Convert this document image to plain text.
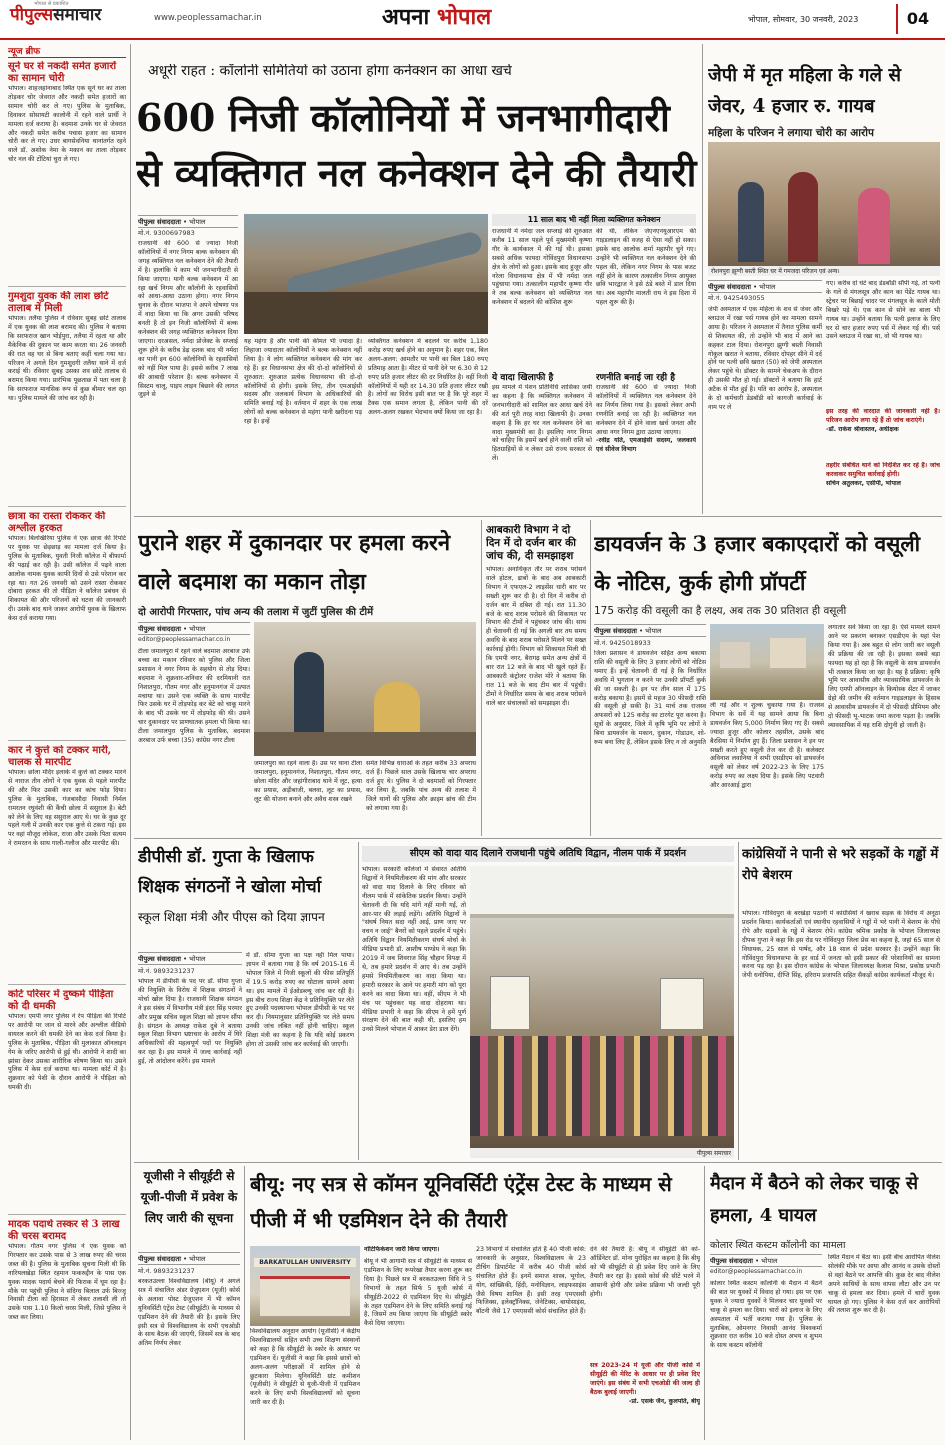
पीपुल्ससमाचार
भोपाल से प्रकाशित
www.peoplessamachar.in	अपना भोपाल	भोपाल, सोमवार, 30 जनवरी, 2023	04
न्यूज ब्रीफ
सूने घर से नकदी समेत हजारों का सामान चोरी
भोपाल। शाहजहांनाबाद स्थित एक सूने घर का ताला तोड़कर चोर जेवरात और नकदी समेत हजारों का सामान चोरी कर ले गए। पुलिस के मुताबिक, दिवाकर सोसायटी कालोनी में रहने वाले प्रार्थी ने मामला दर्ज कराया है। बदमाश उनके घर से जेवरात और नकदी समेत करीब पचास हजार का सामान चोरी कर ले गए। उधर बागसेवनिया थानांतर्गत रहने वाले डॉ. अशोक नेमा के मकान का ताला तोड़कर चोर नल की टोंटियां चुरा ले गए।
गुमशुदा युवक की लाश छोटे तालाब में मिली
भोपाल। तलैया पुलिस ने रविवार सुबह छोटे तालाब में एक युवक की लाश बरामद की। पुलिस ने बताया कि सरफराज खान भोईपुरा, तलैया में रहता था और मैकेनिक की दुकान पर काम करता था। 26 जनवरी की रात वह घर से बिना बताए कहीं चला गया था। परिजन ने अगले दिन गुमशुदगी तलैया थाने में दर्ज कराई थी। रविवार सुबह उसका शव छोटे तालाब से बरामद किया गया। प्रारंभिक पूछताछ में पता चला है कि सरफराज मानसिक रूप से कुछ बीमार चल रहा था। पुलिस मामले की जांच कर रही है।
छात्रा का रास्ता रोककर की अश्लील हरकत
भोपाल। बिलखिरिया पुलिस ने एक छात्रा की रिपोर्ट पर युवक पर छेड़छाड़ का मामला दर्ज किया है। पुलिस के मुताबिक, युवती निजी कॉलेज में बीफार्मा की पढ़ाई कर रही है। उसी कॉलेज में पढ़ने वाला आलोक नामक युवक काफी दिनों से उसे परेशान कर रहा था। गत 26 जनवरी को उसने रास्ता रोककर दोबारा हरकत की तो पीड़िता ने कॉलेज प्रबंधन से शिकायत की और परिजनों को घटना की जानकारी दी। उसके बाद थाने जाकर आरोपी युवक के खिलाफ केस दर्ज कराया गया।
कार ने कुत्ते को टक्कर मारी, चालक से मारपीट
भोपाल। छोला मंदिर इलाके में कुत्ते को टक्कर मारने से नाराज तीन लोगों ने एक युवक से पहले मारपीट की और फिर उसकी कार का कांच फोड़ दिया। पुलिस के मुताबिक, गंजबासौदा निवासी निर्मल रामरतन रघुवंशी की कैंची छोला में ससुराल है। बेटी को लेने के लिए वह ससुराल आए थे। घर के कुछ दूर पहले गली में उनकी कार एक कुत्ते से टकरा गई। इस पर वहां मौजूद लोकेश, राजा और उसके पिता सत्यम ने रामरतन के साथ गाली-गलौज और मारपीट की।
कोर्ट परिसर में दुष्कर्म पीड़िता को दी धमकी
भोपाल। एमपी नगर पुलिस ने रेप पीड़िता की रिपोर्ट पर आरोपी पर जान से मारने और अश्लील वीडियो वायरल करने की धमकी देने का केस दर्ज किया है। पुलिस के मुताबिक, पीड़िता की मुलाकात ऑनलाइन गेम के जरिए आरोपी से हुई थी। आरोपी ने शादी का झांसा देकर उसका शारीरिक शोषण किया था। उसने पुलिस में केस दर्ज कराया था। मामला कोर्ट में है। शुक्रवार को पेशी के दौरान आरोपी ने पीड़िता को धमकी दी।
मादक पदार्थ तस्कर से 3 लाख की चरस बरामद
भोपाल। गौतम नगर पुलिस ने एक युवक को गिरफ्तार कर उसके पास से 3 लाख रुपए की चरस जब्त की है। पुलिस के मुताबिक सूचना मिली थी कि नारियलखेड़ा स्थित रहमान फकरुद्दीन के पास एक युवक मादक पदार्थ बेचने की फिराक में घूम रहा है। मौके पर पहुंची पुलिस ने संदिग्ध बिलाल उर्फ बिज्जू निवासी टीला को हिरासत में लेकर तलाशी ली तो उसके पास 1.10 किलो चरस मिली, जिसे पुलिस ने जब्त कर लिया।
अधूरी राहत : कॉलोनी समितियों को उठाना होगा कनेक्शन का आधा खर्च
600 निजी कॉलोनियों में जनभागीदारी से व्यक्तिगत नल कनेक्शन देने की तैयारी
पीपुल्स संवाददाता • भोपाल
मो.नं. 9300697983
राजधानी की 600 से ज्यादा निजी कॉलोनियों में नगर निगम बल्क कनेक्शन की जगह व्यक्तिगत नल कनेक्शन देने की तैयारी में है। हालांकि ये काम भी जनभागीदारी से किया जाएगा। यानी बल्क कनेक्शन में आ रहा खर्च निगम और कॉलोनी के रहवासियों को आधा-आधा उठाना होगा। नगर निगम चुनाव के दौरान भाजपा ने अपने घोषणा पत्र में वादा किया था कि अगर उसकी परिषद बनती है तो इन निजी कॉलोनियों में बल्क कनेक्शन की जगह व्यक्तिगत कनेक्शन दिया जाएगा। दरअसल, नर्मदा प्रोजेक्ट के सप्लाई शुरू होने के करीब डेढ़ दशक बाद भी नर्मदा का पानी इन 600 कॉलोनियों के रहवासियों को नहीं मिल पाया है। इससे करीब 7 लाख की आबादी परेशान है। बल्क कनेक्शन में सिस्टम चालू, पाइप लाइन बिछाने की लागत जुड़ने से
यह महंगा है और पानी की कीमत भी ज्यादा है। लिहाजा ज्यादातर कॉलोनियों ने बल्क कनेक्शन नहीं लिया है। ये लोग व्यक्तिगत कनेक्शन की मांग कर रहे हैं। हर विधानसभा क्षेत्र की दो-दो कॉलोनियों से शुरुआत: शुरुआत प्रत्येक विधानसभा की दो-दो कॉलोनियों से होगी। इसके लिए, तीन एमआईसी सदस्य और जलकार्य विभाग के अधिकारियों की समिति बनाई गई है। वर्तमान में शहर के एक लाख लोगों को बल्क कनेक्शन से महंगा पानी खरीदना पड़ रहा है। इन्हें
व्यक्तिगत कनेक्शन में बदलने पर करीब 1,180 करोड़ रुपए खर्च होने का अनुमान है। शहर एक, बिल अलग-अलग: आमतौर पर पानी का बिल 180 रुपए प्रतिमाह आता है। मीटर से पानी देने पर 6.30 से 12 रुपए प्रति हजार लीटर की दर निर्धारित है। वहीं निजी कॉलोनियों में यही दर 14.30 प्रति हजार लीटर रखी है। लोगों का विरोध इसी बात पर है कि पूरे शहर में टैक्स एक समान लगता है, लेकिन पानी की दरें अलग-अलग रखकर भेदभाव क्यों किया जा रहा है।
11 साल बाद भी नहीं मिला व्यक्तिगत कनेक्शन
राजधानी में नर्मदा जल सप्लाई की शुरुआत करीब 11 साल पहले पूर्व मुख्यमंत्री कृष्णा गौर के कार्यकाल में की गई थी। इसका सबसे अधिक फायदा गोविंदपुरा विधानसभा क्षेत्र के लोगों को हुआ। इसके बाद हुजूर और नरेला विधानसभा क्षेत्र में भी नर्मदा जल पहुंचाया गया। तत्कालीन महापौर कृष्णा गौर ने तब बल्क कनेक्शन को व्यक्तिगत नल कनेक्शन में बदलने की कोशिश शुरू
की थी, लेकिन जेएनएनयूआरएम की गाइडलाइन की वजह से ऐसा नहीं हो सका। इसके बाद आलोक शर्मा महापौर चुने गए। उन्होंने भी व्यक्तिगत नल कनेक्शन देने की पहल की, लेकिन नगर निगम के पास बजट नहीं होने के कारण तत्कालीन निगम आयुक्त छवि भारद्वाज ने इसे ठंडे बस्ते में डाल दिया था। अब महापौर मालती राय ने इस दिशा में पहल शुरू की है।
ये वादा खिलाफी है
इस मामले में पेंशन प्रतिनिधि शासिका जयी का कहना है कि व्यक्तिगत कनेक्शन में जनभागीदारी को शामिल कर आधा खर्च देने की शर्त पूरी तरह वादा खिलाफी है। उनका कहना है कि हर घर नल कनेक्शन देने का वादा मुख्यमंत्री का है। इसलिए नगर निगम को चाहिए कि इसमें खर्च होने वाली राशि को हितग्राहियों से न लेकर उसे राज्य सरकार से लें।
रणनीति बनाई जा रही है
राजधानी की 600 से ज्यादा निजी कॉलोनियों में व्यक्तिगत नल कनेक्शन देने का निर्णय लिया गया है। इसको लेकर अभी रणनीति बनाई जा रही है। व्यक्तिगत नल कनेक्शन देने में होने वाला खर्च जनता और आधा नगर निगम द्वारा उठाया जाएगा।
-रवींद्र यति, एमआईसी सदस्य, जलकार्य एवं सीवेज विभाग
जेपी में मृत महिला के गले से जेवर, 4 हजार रु. गायब
महिला के परिजन ने लगाया चोरी का आरोप
रोशनपुरा झुग्गी बस्ती स्थित घर में गमजदा परिजन एवं अन्य।
पीपुल्स संवाददाता • भोपाल
मो.नं. 9425493055
जेपी अस्पताल में एक महिला के शव से जेवर और ब्लाउज में रखा पर्स गायब होने का मामला सामने आया है। परिजन ने अस्पताल में तैनात पुलिस कर्मी से शिकायत की, तो उन्होंने भी बाद में आने का कहकर टाल दिया। रोशनपुरा झुग्गी बस्ती निवासी गोकुल खरात ने बताया, रविवार दोपहर सीने में दर्द होने पर पत्नी छवि खरात (50) को जेपी अस्पताल लेकर पहुंचे थे। डॉक्टर के सामने चेकअप के दौरान ही उसकी मौत हो गई। डॉक्टरों ने बताया कि हार्ट अटैक से मौत हुई है। पति का आरोप है, अस्पताल के दो कर्मचारी डेडबॉडी को कागजी कार्रवाई के नाम पर ले
गए। करीब दो घंटे बाद डेडबॉडी सौंपी गई, तो पत्नी के गले से मंगलसूत्र और कान का पेंडेंट गायब था। स्ट्रेचर पर बिछाई चादर पर मंगलसूत्र के काले मोती बिखरे पड़े थे। एक कान से सोने का बाला भी गायब था। उन्होंने बताया कि पत्नी इलाज के लिए घर से चार हजार रुपए पर्स में लेकर गई थी। पर्स उसने ब्लाउज में रखा था, वो भी गायब था।
इस तरह की वारदात की जानकारी नहीं है। परिजन आरोप लगा रहे हैं तो जांच कराएंगे।
-डॉ. राकेश श्रीवास्तव, अधीक्षक
तहरीर संबंधित थाने को निर्देशित कर रहे हैं। जांच करवाकर समुचित कार्रवाई होगी।
सचिन अतुलकर, एसीपी, भोपाल
पुराने शहर में दुकानदार पर हमला करने वाले बदमाश का मकान तोड़ा
दो आरोपी गिरफ्तार, पांच अन्य की तलाश में जुटीं पुलिस की टीमें
पीपुल्स संवाददाता • भोपाल
editor@peoplessamachar.co.in
टीला जमालपुरा में रहने वाले बदमाश अरबाज उर्फ बच्चा का मकान रविवार को पुलिस और जिला प्रशासन ने नगर निगम के सहयोग से तोड़ दिया। बदमाश ने शुक्रवार-शनिवार की दरमियानी रात निशातपुरा, गौतम नगर और हनुमानगंज में उत्पात मचाया था। उसने एक व्यक्ति के साथ मारपीट फिर उसके घर में तोड़फोड़ कर बेटे को चाकू मारने के बाद भी उसके घर में तोड़फोड़ की थी। उसने चार दुकानदार पर प्राणघातक हमला भी किया था। टीला जमालपुरा पुलिस के मुताबिक, बदमाश अरबाज उर्फ बच्चा (35) कांग्रेस नगर टीला
जमालपुरा का रहने वाला है। उस पर थाना टीला जमालपुरा, हनुमानगंज, निशातपुरा, गौतम नगर, छोला मंदिर और जहांगीराबाद थाने में लूट, हत्या का प्रयास, अड़ीबाजी, बलवा, लूट का प्रयास, लूट की योजना बनाने और अवैध शस्त्र रखने
समेत विभिन्न धाराओं के तहत करीब 33 अपराध दर्ज हैं। पिछले साल उसके खिलाफ चार अपराध दर्ज हुए थे। पुलिस ने दो बदमाशों को गिरफ्तार कर लिया है, जबकि पांच अन्य की तलाश में जिले थानों की पुलिस और क्राइम ब्रांच की टीम को लगाया गया है।
आबकारी विभाग ने दो दिन में दो दर्जन बार की जांच की, दी समझाइश
भोपाल। अनाधिकृत तौर पर शराब परोसने वाले होटल, ढाबों के बाद अब आबकारी विभाग ने एफएल-2 लाइसेंस धारी बार पर सख्ती शुरू कर दी है। दो दिन में करीब दो दर्जन बार में दबिश दी गई। रात 11.30 बजे के बाद शराब परोसने की शिकायत पर विभाग की टीमों ने पहुंचकर जांच की। साथ ही चेतावनी दी गई कि अगली बार तय समय अवधि के बाद शराब परोसते मिलने पर सख्त कार्रवाई होगी। विभाग को शिकायत मिली थी कि एमपी नगर, बैरागढ़ समेत अन्य क्षेत्रों में बार रात 12 बजे के बाद भी खुले रहते हैं। आबकारी कंट्रोलर राजेश मोरे ने बताया कि रात 11 बजे के बाद टीम बार में पहुंची। टीमों ने निर्धारित समय के बाद शराब परोसने वाले बार संचालकों को समझाइश दी।
डायवर्जन के 3 हजार बकाएदारों को वसूली के नोटिस, कुर्क होगी प्रॉपर्टी
175 करोड़ की वसूली का है लक्ष्य, अब तक 30 प्रतिशत ही वसूली
पीपुल्स संवाददाता • भोपाल
मो.नं. 9425018933
जिला प्रशासन ने डायवर्जन सहित अन्य बकाया राशि की वसूली के लिए 3 हजार लोगों को नोटिस थमाए हैं। इन्हें चेतावनी दी गई है कि निर्धारित अवधि में भुगतान न करने पर उनकी प्रॉपर्टी कुर्क की जा सकती है। इन पर तीन साल में 175 करोड़ बकाया है। इसमें से महज 30 फीसदी राशि की वसूली हो सकी है। 31 मार्च तक राजस्व अफसरों को 125 करोड़ का टारगेट पूरा करना है। सूत्रों के अनुसार, जिले में कृषि भूमि पर लोगों ने बिना डायवर्जन के मकान, दुकान, गोडाउन, शो-रूम बना लिए हैं, लेकिन इसके लिए न तो अनुमति
ली गई और न शुल्क चुकाया गया है। राजस्व विभाग के सर्वे में यह सामने आया कि बिना डायवर्जन किए 5,000 निर्माण किए गए हैं। सबसे ज्यादा हुजूर और कोलार तहसील, उसके बाद बैरसिया में निर्माण हुए हैं। जिला प्रशासन ने इन पर सख्ती करते हुए वसूली तेज कर दी है। कलेक्टर अविनाश लवानिया ने सभी एसडीएम को डायवर्जन वसूली को लेकर वर्ष 2022-23 के लिए 175 करोड़ रुपए का लक्ष्य दिया है। इसके लिए पटवारी और आरआई द्वारा
लगातार सर्वे किया जा रहा है। ऐसे मामले सामने आने पर प्रकरण बनाकर एसडीएम के यहां पेश किया गया है। अब बहुत से लोग जारी कर वसूली की प्रक्रिया की जा रही है। इसका सबसे बड़ा फायदा यह हो रहा है कि वसूली के साथ डायवर्जन भी तत्काल किया जा रहा है। यह है प्रक्रिया: कृषि भूमि पर आवासीय और व्यावसायिक डायवर्जन के लिए एमपी ऑनलाइन के कियोस्क सेंटर में जाकर ग्रेहो की जमीन की वर्तमान गाइडलाइन के हिसाब से आवासीय डायवर्जन में दो फीसदी प्रीमियम और दो फीसदी भू-भाटक जमा करना पड़ता है। जबकि व्यावसायिक में यह राशि दोगुनी हो जाती है।
डीपीसी डॉ. गुप्ता के खिलाफ शिक्षक संगठनों ने खोला मोर्चा
स्कूल शिक्षा मंत्री और पीएस को दिया ज्ञापन
पीपुल्स संवाददाता • भोपाल
मो.नं. 9893231237
भोपाल में डीपीसी के पद पर डॉ. सीमा गुप्ता की नियुक्ति के विरोध में शिक्षक संगठनों ने मोर्चा खोल दिया है। राजधानी शिक्षक संगठन ने इस संबंध में विभागीय मंत्री इंदर सिंह परमार और प्रमुख सचिव स्कूल शिक्षा को ज्ञापन सौंपा है। संगठन के अध्यक्ष राकेश दुबे ने बताया स्कूल शिक्षा विभाग भ्रष्टाचार के आरोप में घिरे अधिकारियों की महत्वपूर्ण पदों पर नियुक्ति कर रहा है। इस मामले में जल्द कार्रवाई नहीं हुई, तो आंदोलन करेंगे। इस मामले
में डॉ. सीमा गुप्ता का पक्ष नहीं मिल पाया। ज्ञापन में बताया गया है कि वर्ष 2015-16 में भोपाल जिले में निजी स्कूलों की फीस प्रतिपूर्ति में 19.5 करोड़ रुपए का घोटाला सामने आया था। इस मामले में ईओडब्ल्यू जांच कर रही है। इस बीच राज्य शिक्षा केंद्र ने प्रतिनियुक्ति पर लेते हुए उनकी पदस्थापना भोपाल डीपीसी के पद पर कर दी। नियमानुसार प्रतिनियुक्ति पर लेते समय उनकी जांच लंबित नहीं होनी चाहिए। स्कूल शिक्षा मंत्री का कहना है कि यदि कोई प्रकरण होगा तो उसकी जांच कर कार्रवाई की जाएगी।
सीएम को वादा याद दिलाने राजधानी पहुंचे अतिथि विद्वान, नीलम पार्क में प्रदर्शन
भोपाल। सरकारी कॉलेजों में सेवारत अतिथि विद्वानों ने नियमितीकरण की मांग और सरकार को वादा याद दिलाने के लिए रविवार को नीलम पार्क में सांकेतिक प्रदर्शन किया। उन्होंने चेतावनी दी कि यदि मांगें नहीं मानी गईं, तो आर-पार की लड़ाई लड़ेंगे। अतिथि विद्वानों ने "संघर्ष नियत सदा नहीं आई, प्राण जाए पर वचन न जाई" बैनरों को पहले प्रदर्शन में पहुंचे। अतिथि विद्वान नियमितीकरण संघर्ष मोर्चा के मीडिया प्रभारी डॉ. आशीष पाण्डेय ने कहा कि 2019 में जब शिवराज सिंह चौहान विपक्ष में थे, तब हमारे प्रदर्शन में आए थे। तब उन्होंने हमसे नियमितीकरण का वादा किया था। हमारी सरकार के आने पर हमारी मांग को पूरा करने का वादा किया था। वहीं, सीएम ने भी मंच पर पहुंचकर यह वादा दोहराया था। मीडिया प्रभारी ने कहा कि सीएम ने हमें पूर्ण संरक्षण देने की बात कही थी, इसलिए हम उनसे मिलने भोपाल में आकर डेरा डाल देंगे।
पीपुल्स समाचार
कांग्रेसियों ने पानी से भरे सड़कों के गड्ढों में रोपे बेशरम
भोपाल। गोविंदपुरा के बरखेड़ा पठानी में कांग्रेसियों ने खराब सड़क के विरोध में अनूठा प्रदर्शन किया। कार्यकर्ताओं एवं स्थानीय रहवासियों ने गड्ढों में भरे पानी में बेशरम के पौधे रोपे और सड़कों के गड्ढे में बेशरम रोपे। कांग्रेस श्रमिक प्रकोष्ठ के भोपाल जिलाध्यक्ष दीपक गुप्ता ने कहा कि इस रोड पर गोविंदपुरा जिला प्रेस का कहना है, जहां 65 साल से विधायक, 25 साल से पार्षद, और 18 साल से प्रदेश सरकार है। उन्होंने कहा कि गोविंदपुरा विधानसभा के हर वार्ड में जनता को इसी प्रकार की परेशानियों का सामना करना पड़ रहा है। इस दौरान कांग्रेस के भोपाल जिलाध्यक्ष कैलाश मिश्रा, प्रकोष्ठ प्रभारी जेपी धनोपिया, दीप्ति सिंह, हरिराम प्रजापति सहित सैकड़ों कांग्रेस कार्यकर्ता मौजूद थे।
यूजीसी ने सीयूईटी से यूजी-पीजी में प्रवेश के लिए जारी की सूचना
पीपुल्स संवाददाता • भोपाल
मो.नं. 9893231237
बरकतउल्ला विश्वविद्यालय (बीयू) ने अगले सत्र में संचालित अंडर ग्रेजुएशन (यूजी) कोर्स के अलावा पोस्ट ग्रेजुएशन में भी कॉमन यूनिवर्सिटी एंट्रेंस टेस्ट (सीयूईटी) के माध्यम से एडमिशन देने की तैयारी की है। इसके लिए इसी सत्र से विश्वविद्यालय के सभी एचओडी के साथ बैठक की जाएगी, जिसमें सत्र के बाद अंतिम निर्णय लेकर
बीयू: नए सत्र से कॉमन यूनिवर्सिटी एंट्रेंस टेस्ट के माध्यम से पीजी में भी एडमिशन देने की तैयारी
BARKATULLAH UNIVERSITY
विश्वविद्यालय अनुदान आयोग (यूजीसी) ने केंद्रीय विश्वविद्यालयों सहित सभी उच्च शिक्षण संस्थानों को कहा है कि सीयूईटी के स्कोर के आधार पर एडमिशन दें। यूजीसी ने कहा कि इससे छात्रों को अलग-अलग परीक्षाओं में शामिल होने से छुटकारा मिलेगा। यूनिवर्सिटी ग्रांट कमीशन (यूजीसी) ने सीयूईटी से यूजी-पीजी में एडमिशन करने के लिए सभी विश्वविद्यालयों को सूचना जारी कर दी है।
नोटिफिकेशन जारी किया जाएगा।
बीयू ने भी आगामी सत्र में सीयूईटी के माध्यम से एडमिशन के लिए रूपरेखा तैयार करना शुरू कर दिया है। पिछले सत्र में बरकतउल्ला विवि ने 5 विभागों के तहत सिर्फ 5 यूजी कोर्स में सीयूईटी-2022 से एडमिशन दिए थे। सीयूईटी के तहत एडमिशन देने के लिए समिति बनाई गई है, जिसमें तय किया जाएगा कि सीयूईटी स्कोर कैसे दिया जाएगा।
23 विभागों में संचालित होते हैं 40 पीजी कोर्स: जानकारी के अनुसार, विश्वविद्यालय के 23 टीचिंग डिपार्टमेंट में करीब 40 पीजी कोर्स संचालित होते हैं। इनमें समाज शास्त्र, भूगोल, योग, सांख्यिकी, हिंदी, मनोविज्ञान, लाइफसाइंस जैसे विषय शामिल हैं। इसी तरह एमएससी फिजिक्स, इलेक्ट्रॉनिक्स, जेनेटिक्स, बायोसाइंस, बॉटनी जैसे 17 एमएससी कोर्स संचालित होते हैं।
देने की तैयारी है: बीयू ने सीयूईटी की को-ऑर्डिनेटर डॉ. मोना पुरोहित का कहना है कि बीयू को भी सीयूईटी से ही प्रवेश दिए जाने के लिए तैयारी कर रहा है। इससे कोर्स की सीटें भरने में आसानी होगी और प्रवेश प्रक्रिया भी जल्दी पूरी होगी।
सत्र 2023-24 में यूजी और पीजी कोर्स में सीयूईटी की मेरिट के आधार पर ही प्रवेश दिए जाएंगे। इस संबंध में सभी एचओडी की जल्द ही बैठक बुलाई जाएगी।
-प्रो. एसके जैन, कुलपति, बीयू
मैदान में बैठने को लेकर चाकू से हमला, 4 घायल
कोलार स्थित कस्टम कॉलोनी का मामला
पीपुल्स संवाददाता • भोपाल
editor@peoplessamachar.co.in
कोलार स्थित कस्टम कॉलोनी के मैदान में बैठने की बात पर युवकों में विवाद हो गया। इस पर एक युवक ने ज्यादा युवकों ने मिलकर चार युवकों पर चाकू से हमला कर दिया। चारों को इलाज के लिए अस्पताल में भर्ती कराया गया है। पुलिस के मुताबिक, ओमनगर निवासी आनंद विश्वकर्मा शुक्रवार रात करीब 10 बजे दोस्त अभय व शुभम के साथ कस्टम कॉलोनी
स्थित मैदान में बैठा था। इसी बीच आरोपित नीलेश सोलंकी मौके पर आया और आनंद व उसके दोस्तों से वहां बैठने पर आपत्ति की। कुछ देर बाद नीलेश अपने साथियों के साथ वापस लौटा और उन पर चाकू से हमला कर दिया। हमले में चारों युवक घायल हो गए। पुलिस ने केस दर्ज कर आरोपियों की तलाश शुरू कर दी है।
